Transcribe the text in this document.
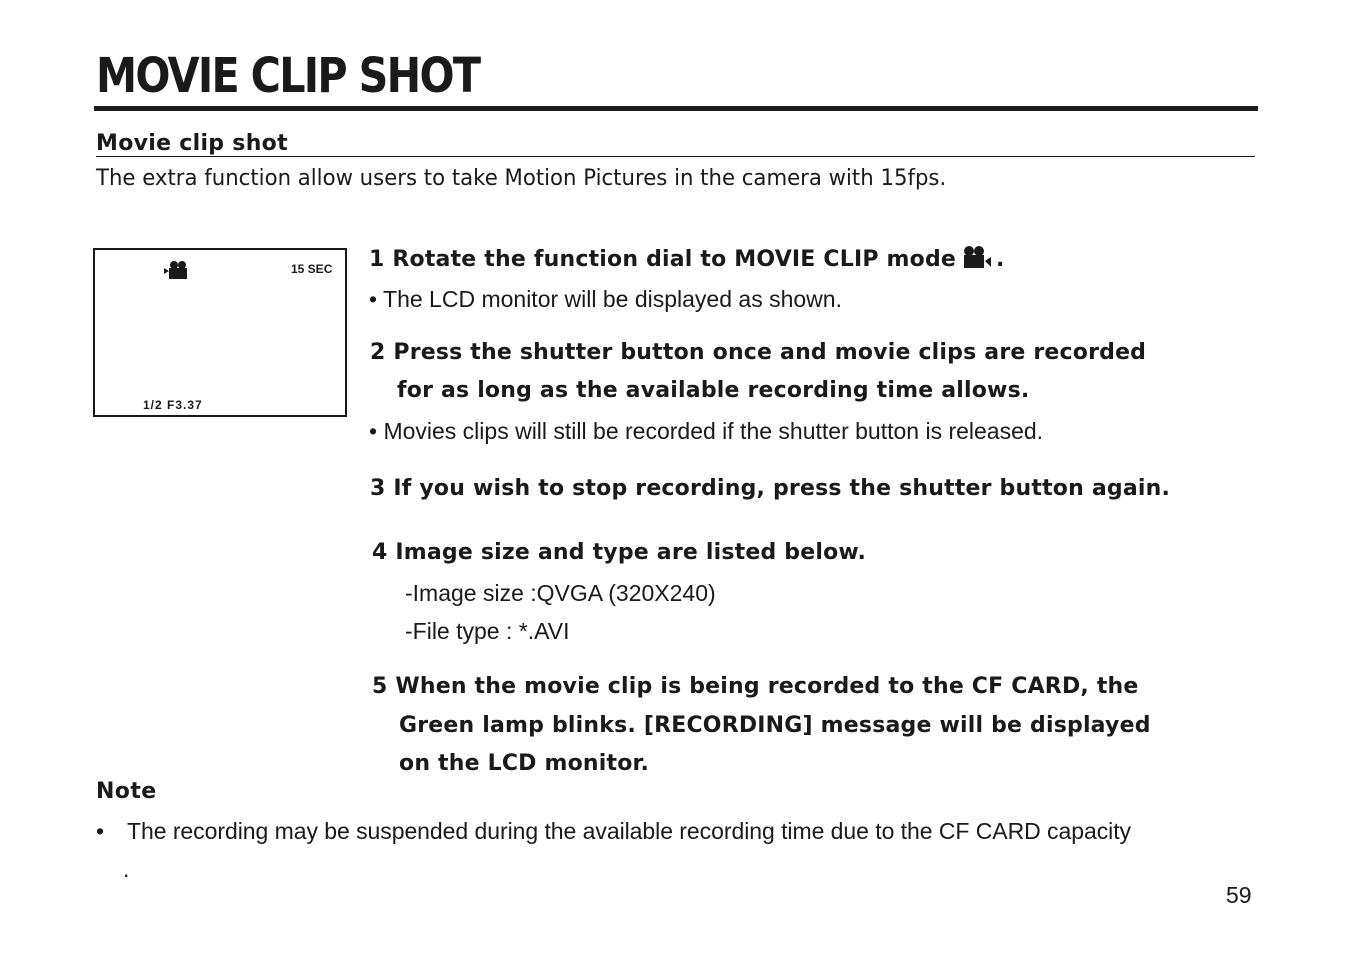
MOVIE CLIP SHOT
Movie clip shot
The extra function allow users to take Motion Pictures in the camera with 15fps.
15 SEC
1/2 F3.37
1 Rotate the function dial to MOVIE CLIP mode .
• The LCD monitor will be displayed as shown.
2 Press the shutter button once and movie clips are recorded
for as long as the available recording time allows.
• Movies clips will still be recorded if the shutter button is released.
3 If you wish to stop recording, press the shutter button again.
4 Image size and type are listed below.
-Image size :QVGA (320X240)
-File type : *.AVI
5 When the movie clip is being recorded to the CF CARD, the
Green lamp blinks. [RECORDING] message will be displayed
on the LCD monitor.
Note
• The recording may be suspended during the available recording time due to the CF CARD capacity
.
59
